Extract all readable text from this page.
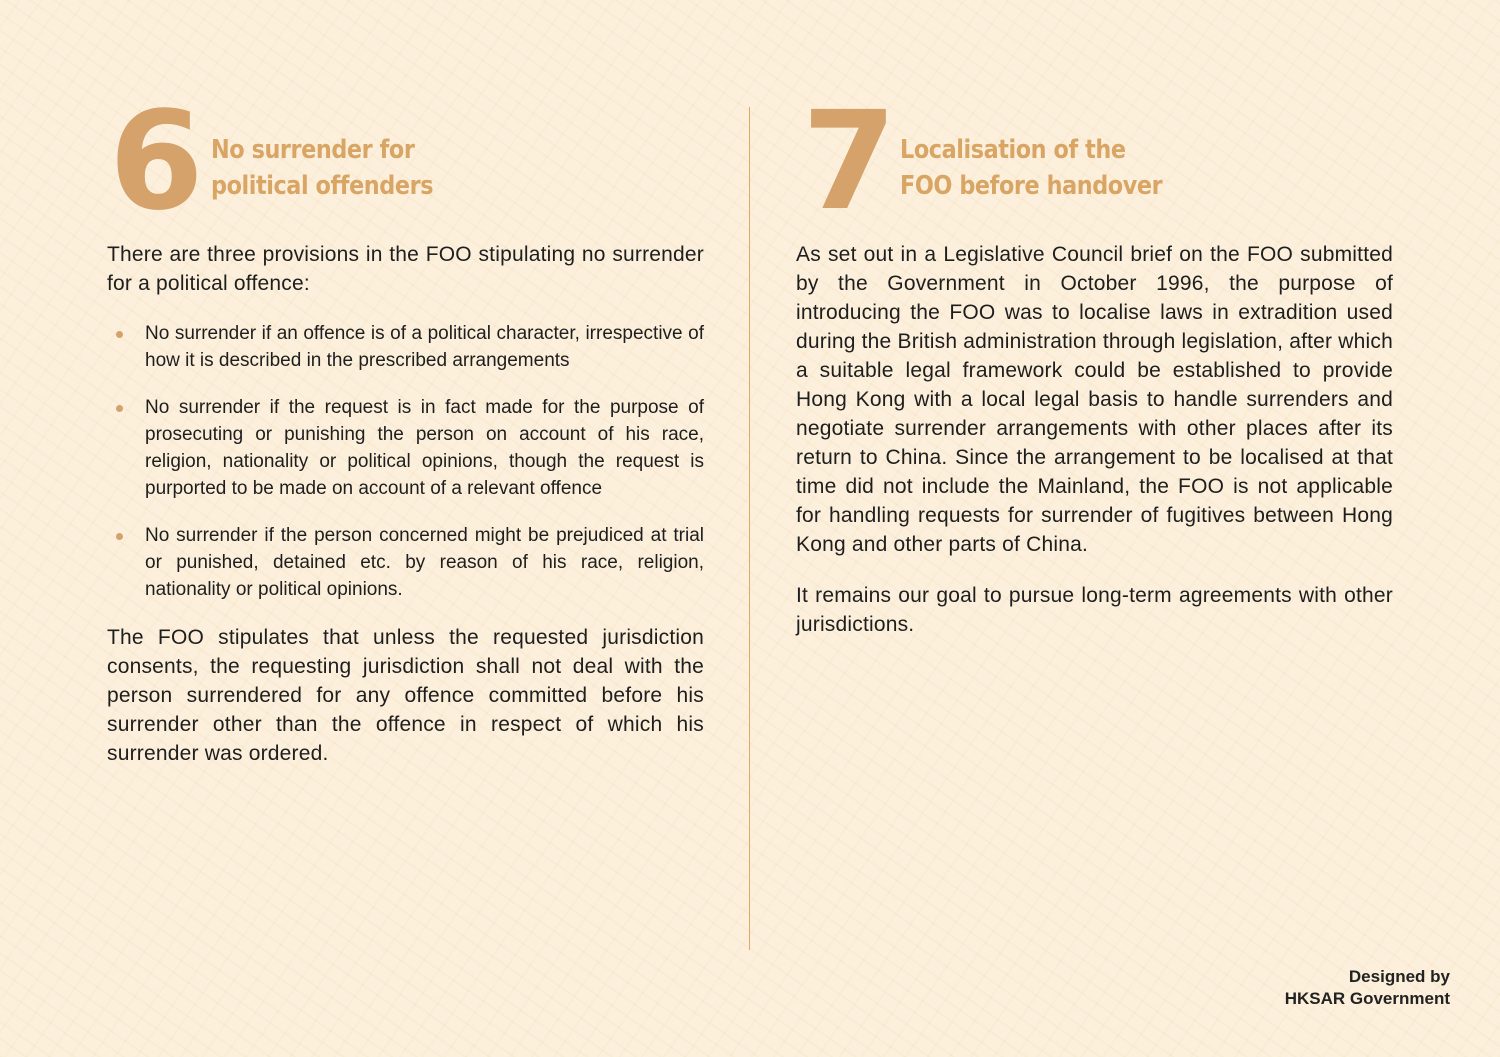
6 No surrender for
political offenders

There are three provisions in the FOO stipulating no surrender for a political offence:

No surrender if an offence is of a political character, irrespective of how it is described in the prescribed arrangements
No surrender if the request is in fact made for the purpose of prosecuting or punishing the person on account of his race, religion, nationality or political opinions, though the request is purported to be made on account of a relevant offence
No surrender if the person concerned might be prejudiced at trial or punished, detained etc. by reason of his race, religion, nationality or political opinions.

The FOO stipulates that unless the requested jurisdiction consents, the requesting jurisdiction shall not deal with the person surrendered for any offence committed before his surrender other than the offence in respect of which his surrender was ordered.

7 Localisation of the
FOO before handover

As set out in a Legislative Council brief on the FOO submitted by the Government in October 1996, the purpose of introducing the FOO was to localise laws in extradition used during the British administration through legislation, after which a suitable legal framework could be established to provide Hong Kong with a local legal basis to handle surrenders and negotiate surrender arrangements with other places after its return to China. Since the arrangement to be localised at that time did not include the Mainland, the FOO is not applicable for handling requests for surrender of fugitives between Hong Kong and other parts of China.

It remains our goal to pursue long-term agreements with other jurisdictions.

Designed by
HKSAR Government
